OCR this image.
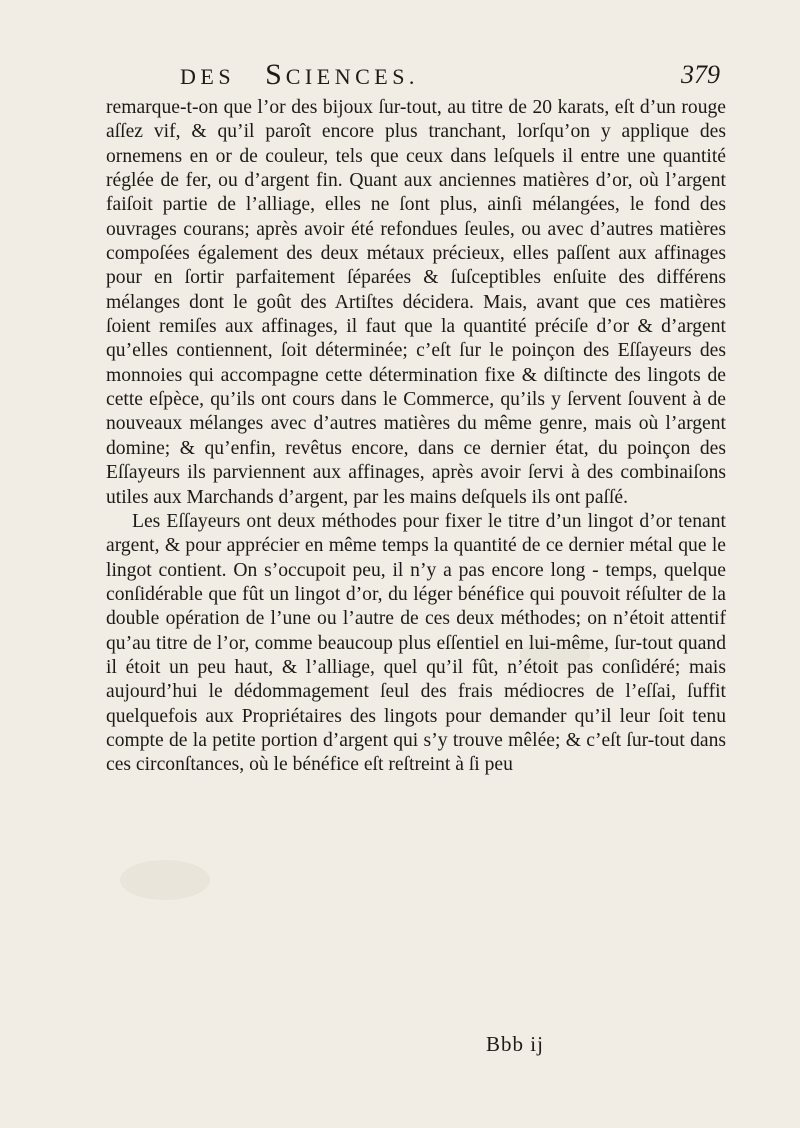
DES SCIENCES.	379

remarque-t-on que l’or des bijoux ſur-tout, au titre de 20 karats, eſt d’un rouge aſſez vif, & qu’il paroît encore plus tranchant, lorſqu’on y applique des ornemens en or de couleur, tels que ceux dans leſquels il entre une quantité réglée de fer, ou d’argent fin. Quant aux anciennes matières d’or, où l’argent faiſoit partie de l’alliage, elles ne ſont plus, ainſi mélangées, le fond des ouvrages courans; après avoir été refondues ſeules, ou avec d’autres matières compoſées également des deux métaux précieux, elles paſſent aux affinages pour en ſortir parfaitement ſéparées & ſuſceptibles enſuite des différens mélanges dont le goût des Artiſtes décidera. Mais, avant que ces matières ſoient remiſes aux affinages, il faut que la quantité préciſe d’or & d’argent qu’elles contiennent, ſoit déterminée; c’eſt ſur le poinçon des Eſſayeurs des monnoies qui accompagne cette détermination fixe & diſtincte des lingots de cette eſpèce, qu’ils ont cours dans le Commerce, qu’ils y ſervent ſouvent à de nouveaux mélanges avec d’autres matières du même genre, mais où l’argent domine; & qu’enfin, revêtus encore, dans ce dernier état, du poinçon des Eſſayeurs ils parviennent aux affinages, après avoir ſervi à des combinaiſons utiles aux Marchands d’argent, par les mains deſquels ils ont paſſé.

Les Eſſayeurs ont deux méthodes pour fixer le titre d’un lingot d’or tenant argent, & pour apprécier en même temps la quantité de ce dernier métal que le lingot contient. On s’occupoit peu, il n’y a pas encore long - temps, quelque conſidérable que fût un lingot d’or, du léger bénéfice qui pouvoit réſulter de la double opération de l’une ou l’autre de ces deux méthodes; on n’étoit attentif qu’au titre de l’or, comme beaucoup plus eſſentiel en lui-même, ſur-tout quand il étoit un peu haut, & l’alliage, quel qu’il fût, n’étoit pas conſidéré; mais aujourd’hui le dédommagement ſeul des frais médiocres de l’eſſai, ſuffit quelquefois aux Propriétaires des lingots pour demander qu’il leur ſoit tenu compte de la petite portion d’argent qui s’y trouve mêlée; & c’eſt ſur-tout dans ces circonſtances, où le bénéfice eſt reſtreint à ſi peu

Bbb ij
